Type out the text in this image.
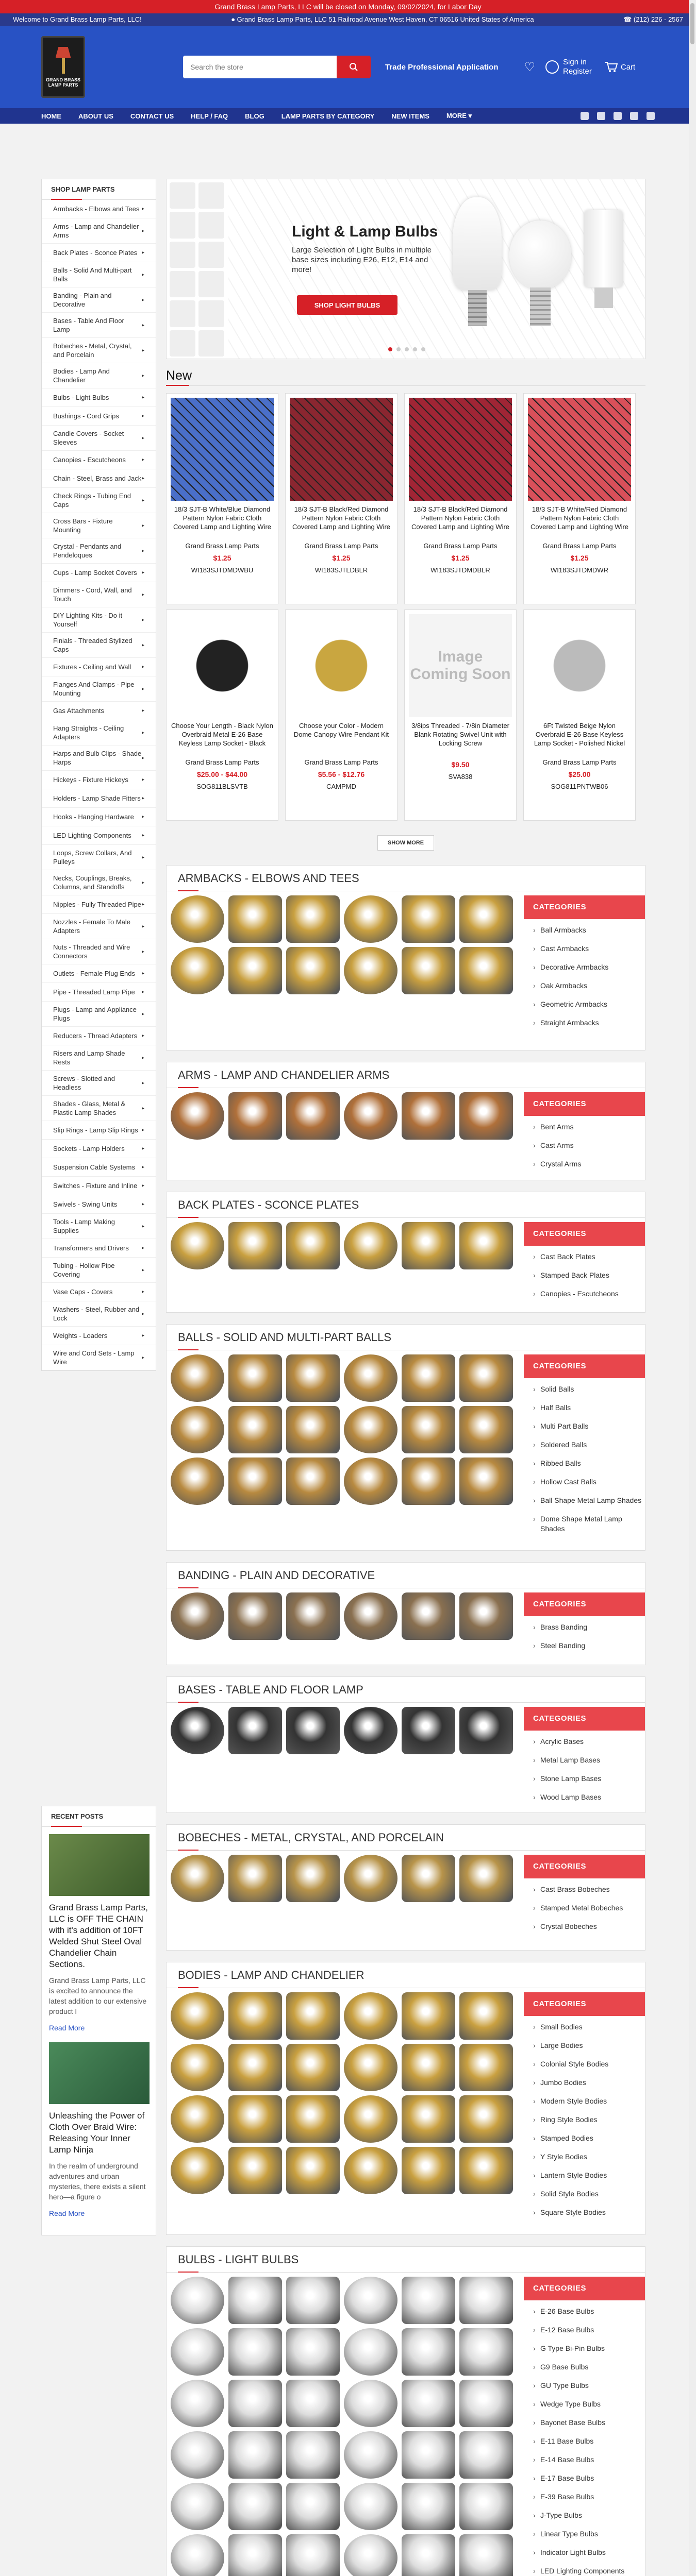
Grand Brass Lamp Parts, LLC will be closed on Monday, 09/02/2024, for Labor Day
Welcome to Grand Brass Lamp Parts, LLC!	● Grand Brass Lamp Parts, LLC 51 Railroad Avenue West Haven, CT 06516 United States of America	☎ (212) 226 - 2567
GRAND BRASS LAMP PARTS
Search the store
Trade Professional Application ♡	Sign in
Register	Cart
HOME	ABOUT US	CONTACT US	HELP / FAQ	BLOG	LAMP PARTS BY CATEGORY	NEW ITEMS	MORE ▾
SHOP LAMP PARTS
Armbacks - Elbows and Tees ▸
Arms - Lamp and Chandelier Arms
▸
Back Plates - Sconce Plates ▸
Balls - Solid And Multi-part Balls
▸
Banding - Plain and Decorative
▸
Bases - Table And Floor Lamp
▸
Bobeches - Metal, Crystal, and Porcelain
▸
Bodies - Lamp And Chandelier
▸
Bulbs - Light Bulbs	▸
Bushings - Cord Grips	▸
Candle Covers - Socket Sleeves
▸
Canopies - Escutcheons	▸
Chain - Steel, Brass and Jack ▸
Check Rings - Tubing End Caps
▸
Cross Bars - Fixture Mounting
▸
Crystal - Pendants and Pendeloques
▸
Cups - Lamp Socket Covers ▸
Dimmers - Cord, Wall, and Touch
▸
DIY Lighting Kits - Do it Yourself
▸
Finials - Threaded Stylized Caps
▸
Fixtures - Ceiling and Wall ▸
Flanges And Clamps - Pipe Mounting
▸
Gas Attachments	▸
Hang Straights - Ceiling Adapters
▸
Harps and Bulb Clips - Shade Harps
▸
Hickeys - Fixture Hickeys	▸
Holders - Lamp Shade Fitters ▸
Hooks - Hanging Hardware ▸
LED Lighting Components ▸
Loops, Screw Collars, And Pulleys
▸
Necks, Couplings, Breaks, Columns, and Standoffs
▸
Nipples - Fully Threaded Pipe ▸
Nozzles - Female To Male Adapters
▸
Nuts - Threaded and Wire Connectors
▸
Outlets - Female Plug Ends ▸
Pipe - Threaded Lamp Pipe ▸
Plugs - Lamp and Appliance Plugs
▸
Reducers - Thread Adapters ▸
Risers and Lamp Shade Rests
▸
Screws - Slotted and Headless
▸
Shades - Glass, Metal & Plastic Lamp Shades
▸
Slip Rings - Lamp Slip Rings ▸
Sockets - Lamp Holders	▸
Suspension Cable Systems ▸
Switches - Fixture and Inline ▸
Swivels - Swing Units	▸
Tools - Lamp Making Supplies
▸
Transformers and Drivers	▸
Tubing - Hollow Pipe Covering
▸
Vase Caps - Covers	▸
Washers - Steel, Rubber and Lock
▸
Weights - Loaders	▸
Wire and Cord Sets - Lamp Wire
▸
RECENT POSTS
Grand Brass Lamp Parts, LLC is OFF THE CHAIN with it's addition of 10FT Welded Shut Steel Oval Chandelier Chain Sections.
Grand Brass Lamp Parts, LLC is excited to announce the latest addition to our extensive product l
Read More
Unleashing the Power of Cloth Over Braid Wire: Releasing Your Inner Lamp Ninja
In the realm of underground adventures and urban mysteries, there exists a silent hero—a figure o
Read More
Light & Lamp Bulbs
Large Selection of Light Bulbs in multiple base sizes including E26, E12, E14 and more!
SHOP LIGHT BULBS
New
18/3 SJT-B White/Blue Diamond Pattern Nylon Fabric Cloth Covered Lamp and Lighting Wire
Grand Brass Lamp Parts
$1.25
WI183SJTDMDWBU
18/3 SJT-B Black/Red Diamond Pattern Nylon Fabric Cloth Covered Lamp and Lighting Wire
Grand Brass Lamp Parts
$1.25
WI183SJTLDBLR
18/3 SJT-B Black/Red Diamond Pattern Nylon Fabric Cloth Covered Lamp and Lighting Wire
Grand Brass Lamp Parts
$1.25
WI183SJTDMDBLR
18/3 SJT-B White/Red Diamond Pattern Nylon Fabric Cloth Covered Lamp and Lighting Wire
Grand Brass Lamp Parts
$1.25
WI183SJTDMDWR
Choose Your Length - Black Nylon Overbraid Metal E-26 Base Keyless Lamp Socket - Black
Grand Brass Lamp Parts
$25.00 - $44.00
SOG811BLSVTB
Choose your Color - Modern Dome Canopy Wire Pendant Kit
Grand Brass Lamp Parts
$5.56 - $12.76
CAMPMD
Image Coming Soon
3/8ips Threaded - 7/8in Diameter Blank Rotating Swivel Unit with Locking Screw
$9.50
SVA838
6Ft Twisted Beige Nylon Overbraid E-26 Base Keyless Lamp Socket - Polished Nickel
Grand Brass Lamp Parts
$25.00
SOG811PNTWB06
SHOW MORE
ARMBACKS - ELBOWS AND TEES
CATEGORIES
› Ball Armbacks
› Cast Armbacks
› Decorative Armbacks
› Oak Armbacks
› Geometric Armbacks
› Straight Armbacks
ARMS - LAMP AND CHANDELIER ARMS
CATEGORIES
› Bent Arms
› Cast Arms
› Crystal Arms
BACK PLATES - SCONCE PLATES
CATEGORIES
› Cast Back Plates
› Stamped Back Plates
› Canopies - Escutcheons
BALLS - SOLID AND MULTI-PART BALLS
CATEGORIES
› Solid Balls
› Half Balls
› Multi Part Balls
› Soldered Balls
› Ribbed Balls
› Hollow Cast Balls
› Ball Shape Metal Lamp Shades
› Dome Shape Metal Lamp Shades
BANDING - PLAIN AND DECORATIVE
CATEGORIES
› Brass Banding
› Steel Banding
BASES - TABLE AND FLOOR LAMP
CATEGORIES
› Acrylic Bases
› Metal Lamp Bases
› Stone Lamp Bases
› Wood Lamp Bases
BOBECHES - METAL, CRYSTAL, AND PORCELAIN
CATEGORIES
› Cast Brass Bobeches
› Stamped Metal Bobeches
› Crystal Bobeches
BODIES - LAMP AND CHANDELIER
CATEGORIES
› Small Bodies
› Large Bodies
› Colonial Style Bodies
› Jumbo Bodies
› Modern Style Bodies
› Ring Style Bodies
› Stamped Bodies
› Y Style Bodies
› Lantern Style Bodies
› Solid Style Bodies
› Square Style Bodies
BULBS - LIGHT BULBS
CATEGORIES
› E-26 Base Bulbs
› E-12 Base Bulbs
› G Type Bi-Pin Bulbs
› G9 Base Bulbs
› GU Type Bulbs
› Wedge Type Bulbs
› Bayonet Base Bulbs
› E-11 Base Bulbs
› E-14 Base Bulbs
› E-17 Base Bulbs
› E-39 Base Bulbs
› J-Type Bulbs
› Linear Type Bulbs
› Indicator Light Bulbs
› LED Lighting Components
